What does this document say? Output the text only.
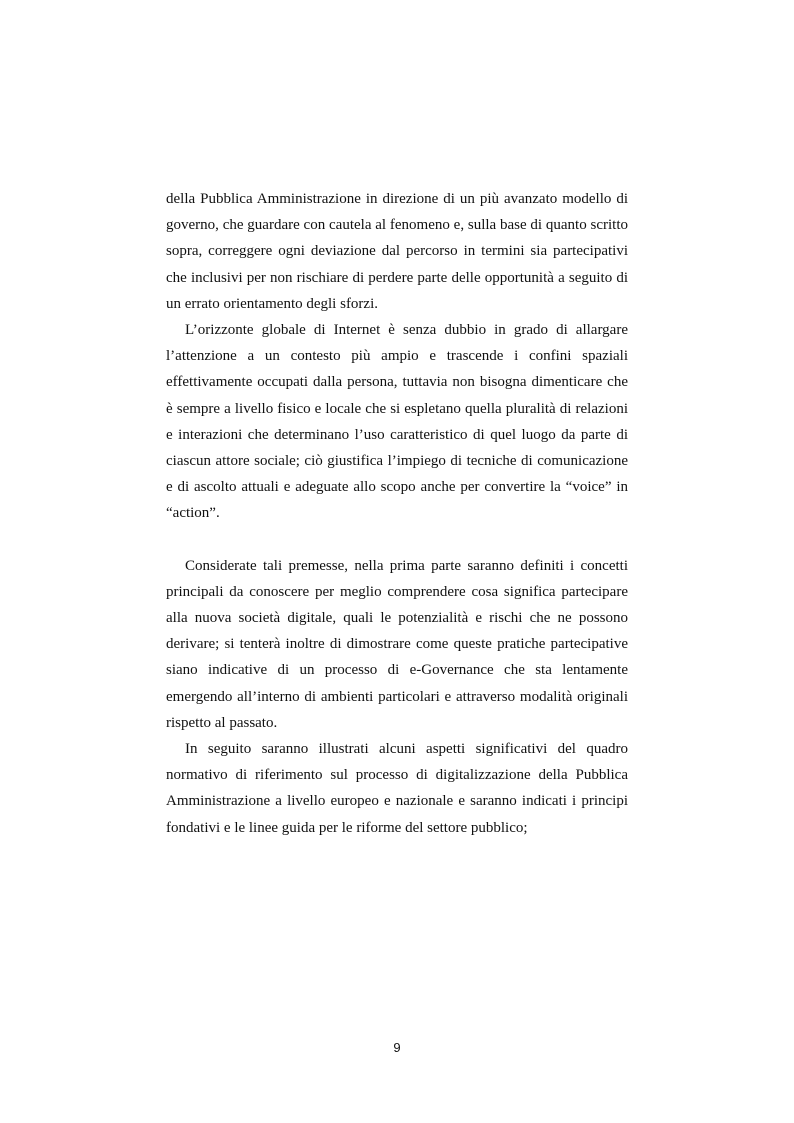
della Pubblica Amministrazione in direzione di un più avanzato modello di governo, che guardare con cautela al fenomeno e, sulla base di quanto scritto sopra, correggere ogni deviazione dal percorso in termini sia partecipativi che inclusivi per non rischiare di perdere parte delle opportunità a seguito di un errato orientamento degli sforzi.

L’orizzonte globale di Internet è senza dubbio in grado di allargare l’attenzione a un contesto più ampio e trascende i confini spaziali effettivamente occupati dalla persona, tuttavia non bisogna dimenticare che è sempre a livello fisico e locale che si espletano quella pluralità di relazioni e interazioni che determinano l’uso caratteristico di quel luogo da parte di ciascun attore sociale; ciò giustifica l’impiego di tecniche di comunicazione e di ascolto attuali e adeguate allo scopo anche per convertire la “voice” in “action”.

Considerate tali premesse, nella prima parte saranno definiti i concetti principali da conoscere per meglio comprendere cosa significa partecipare alla nuova società digitale, quali le potenzialità e rischi che ne possono derivare; si tenterà inoltre di dimostrare come queste pratiche partecipative siano indicative di un processo di e-Governance che sta lentamente emergendo all’interno di ambienti particolari e attraverso modalità originali rispetto al passato.

In seguito saranno illustrati alcuni aspetti significativi del quadro normativo di riferimento sul processo di digitalizzazione della Pubblica Amministrazione a livello europeo e nazionale e saranno indicati i principi fondativi e le linee guida per le riforme del settore pubblico;

9
